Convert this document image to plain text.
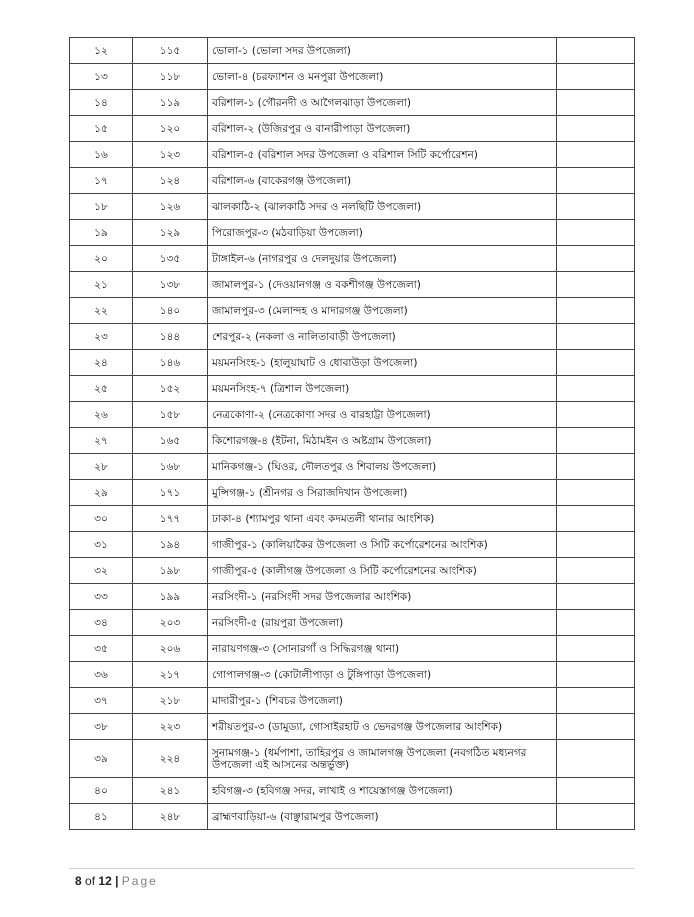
১২	১১৫	ভোলা-১ (ভোলা সদর উপজেলা)	
১৩	১১৮	ভোলা-৪ (চরফ্যাশন ও মনপুরা উপজেলা)	
১৪	১১৯	বরিশাল-১ (গৌরনদী ও আগৈলঝাড়া উপজেলা)	
১৫	১২০	বরিশাল-২ (উজিরপুর ও বানারীপাড়া উপজেলা)	
১৬	১২৩	বরিশাল-৫ (বরিশাল সদর উপজেলা ও বরিশাল সিটি কর্পোরেশন)	
১৭	১২৪	বরিশাল-৬ (বাকেরগঞ্জ উপজেলা)	
১৮	১২৬	ঝালকাঠি-২ (ঝালকাঠি সদর ও নলছিটি উপজেলা)	
১৯	১২৯	পিরোজপুর-৩ (মঠবাড়িয়া উপজেলা)	
২০	১৩৫	টাঙ্গাইল-৬ (নাগরপুর ও দেলদুয়ার উপজেলা)	
২১	১৩৮	জামালপুর-১ (দেওয়ানগঞ্জ ও বকশীগঞ্জ উপজেলা)	
২২	১৪০	জামালপুর-৩ (মেলান্দহ ও মাদারগঞ্জ উপজেলা)	
২৩	১৪৪	শেরপুর-২ (নকলা ও নালিতাবাড়ী উপজেলা)	
২৪	১৪৬	ময়মনসিংহ-১ (হালুয়াঘাট ও ধোবাউড়া উপজেলা)	
২৫	১৫২	ময়মনসিংহ-৭ (ত্রিশাল উপজেলা)	
২৬	১৫৮	নেত্রকোণা-২ (নেত্রকোণা সদর ও বারহাট্টা উপজেলা)	
২৭	১৬৫	কিশোরগঞ্জ-৪ (ইটনা, মিঠামইন ও অষ্টগ্রাম উপজেলা)	
২৮	১৬৮	মানিকগঞ্জ-১ (ঘিওর, দৌলতপুর ও শিবালয় উপজেলা)	
২৯	১৭১	মুন্সিগঞ্জ-১ (শ্রীনগর ও সিরাজদিখান উপজেলা)	
৩০	১৭৭	ঢাকা-৪ (শ্যামপুর থানা এবং কদমতলী থানার আংশিক)	
৩১	১৯৪	গাজীপুর-১ (কালিয়াকৈর উপজেলা ও সিটি কর্পোরেশনের আংশিক)	
৩২	১৯৮	গাজীপুর-৫ (কালীগঞ্জ উপজেলা ও সিটি কর্পোরেশনের আংশিক)	
৩৩	১৯৯	নরসিংদী-১ (নরসিংদী সদর উপজেলার আংশিক)	
৩৪	২০৩	নরসিংদী-৫ (রায়পুরা উপজেলা)	
৩৫	২০৬	নারায়ণগঞ্জ-৩ (সোনারগাঁ ও সিদ্ধিরগঞ্জ থানা)	
৩৬	২১৭	গোপালগঞ্জ-৩ (কোটালীপাড়া ও টুঙ্গিপাড়া উপজেলা)	
৩৭	২১৮	মাদারীপুর-১ (শিবচর উপজেলা)	
৩৮	২২৩	শরীয়তপুর-৩ (ডামুড্যা, গোসাইরহাট ও ভেদরগঞ্জ উপজেলার আংশিক)	
৩৯	২২৪	সুনামগঞ্জ-১ (ধর্মপাশা, তাহিরপুর ও জামালগঞ্জ উপজেলা (নবগঠিত মধ্যনগর উপজেলা এই আসনের অন্তর্ভুক্ত)	
৪০	২৪১	হবিগঞ্জ-৩ (হবিগঞ্জ সদর, লাখাই ও শায়েস্তাগঞ্জ উপজেলা)	
৪১	২৪৮	ব্রাহ্মণবাড়িয়া-৬ (বাঞ্ছারামপুর উপজেলা)	
8 of 12 | Page
